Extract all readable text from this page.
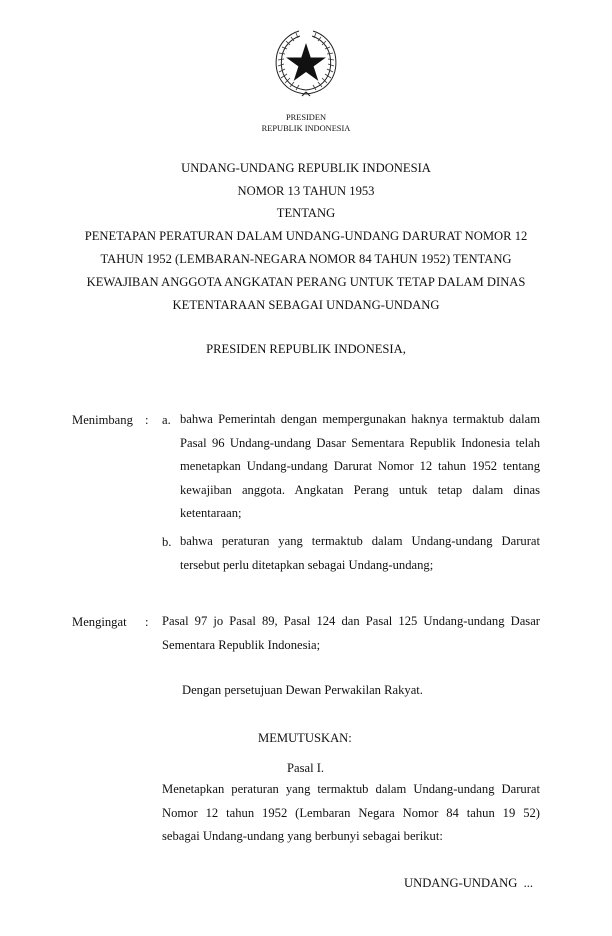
PRESIDEN
REPUBLIK INDONESIA
UNDANG-UNDANG REPUBLIK INDONESIA
NOMOR 13 TAHUN 1953
TENTANG
PENETAPAN PERATURAN DALAM UNDANG-UNDANG DARURAT NOMOR 12
TAHUN 1952 (LEMBARAN-NEGARA NOMOR 84 TAHUN 1952) TENTANG
KEWAJIBAN ANGGOTA ANGKATAN PERANG UNTUK TETAP DALAM DINAS
KETENTARAAN SEBAGAI UNDANG-UNDANG
PRESIDEN REPUBLIK INDONESIA,
Menimbang : a. bahwa Pemerintah dengan mempergunakan haknya termaktub dalam
Pasal 96 Undang-undang Dasar Sementara Republik Indonesia telah
menetapkan Undang-undang Darurat Nomor 12 tahun 1952 tentang
kewajiban anggota. Angkatan Perang untuk tetap dalam dinas
ketentaraan;
b. bahwa peraturan yang termaktub dalam Undang-undang Darurat
tersebut perlu ditetapkan sebagai Undang-undang;
Mengingat : Pasal 97 jo Pasal 89, Pasal 124 dan Pasal 125 Undang-undang Dasar
Sementara Republik Indonesia;
Dengan persetujuan Dewan Perwakilan Rakyat.
MEMUTUSKAN:
Pasal I.
Menetapkan peraturan yang termaktub dalam Undang-undang Darurat
Nomor 12 tahun 1952 (Lembaran Negara Nomor 84 tahun 19 52)
sebagai Undang-undang yang berbunyi sebagai berikut:
UNDANG-UNDANG  ...
